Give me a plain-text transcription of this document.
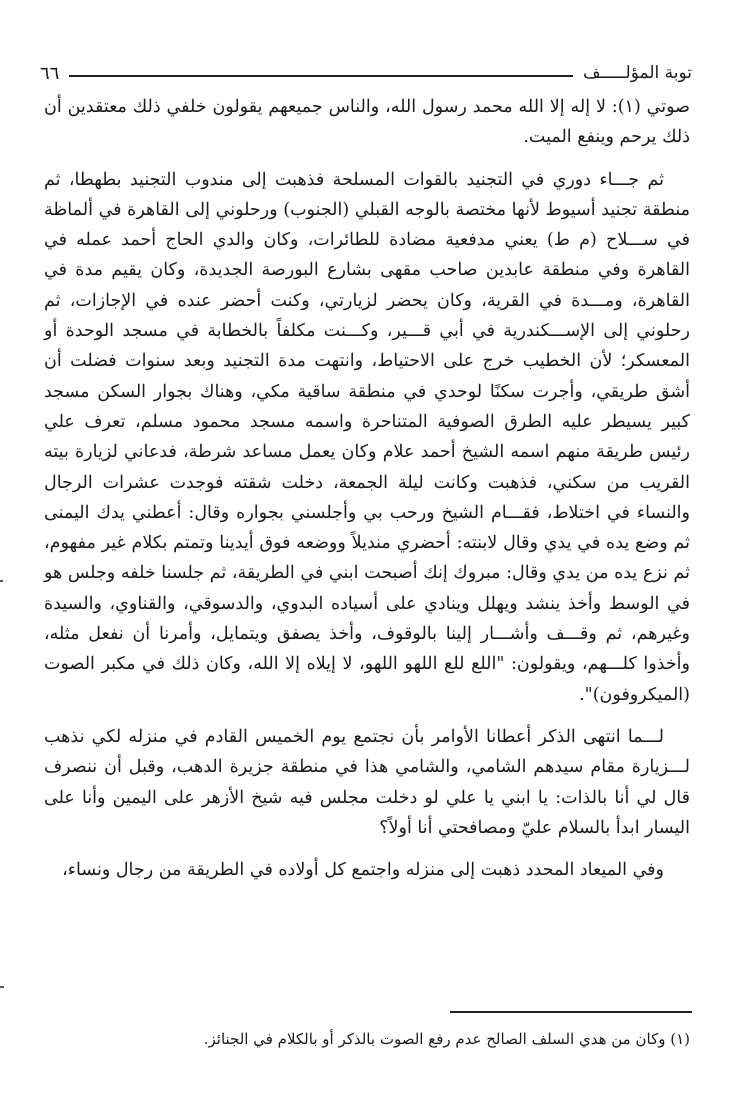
توبة المؤلـــــف
٦٦

صوتي (١): لا إله إلا الله محمد رسول الله، والناس جميعهم يقولون خلفي ذلك معتقدين أن ذلك يرحم وينفع الميت.

ثم جـــاء دوري في التجنيد بالقوات المسلحة فذهبت إلى مندوب التجنيد بطهطا، ثم منطقة تجنيد أسيوط لأنها مختصة بالوجه القبلي (الجنوب) ورحلوني إلى القاهرة في ألماظة في ســـلاح (م ط) يعني مدفعية مضادة للطائرات، وكان والدي الحاج أحمد عمله في القاهرة وفي منطقة عابدين صاحب مقهى بشارع البورصة الجديدة، وكان يقيم مدة في القاهرة، ومـــدة في القرية، وكان يحضر لزيارتي، وكنت أحضر عنده في الإجازات، ثم رحلوني إلى الإســـكندرية في أبي قـــير، وكـــنت مكلفاً بالخطابة في مسجد الوحدة أو المعسكر؛ لأن الخطيب خرج على الاحتياط، وانتهت مدة التجنيد وبعد سنوات فضلت أن أشق طريقي، وأجرت سكنًا لوحدي في منطقة ساقية مكي، وهناك بجوار السكن مسجد كبير يسيطر عليه الطرق الصوفية المتناحرة واسمه مسجد محمود مسلم، تعرف علي رئيس طريقة منهم اسمه الشيخ أحمد علام وكان يعمل مساعد شرطة، فدعاني لزيارة بيته القريب من سكني، فذهبت وكانت ليلة الجمعة، دخلت شقته فوجدت عشرات الرجال والنساء في اختلاط، فقـــام الشيخ ورحب بي وأجلسني بجواره وقال: أعطني يدك اليمنى ثم وضع يده في يدي وقال لابنته: أحضري منديلاً ووضعه فوق أيدينا وتمتم بكلام غير مفهوم، ثم نزع يده من يدي وقال: مبروك إنك أصبحت ابني في الطريقة، ثم جلسنا خلفه وجلس هو في الوسط وأخذ ينشد ويهلل وينادي على أسياده البدوي، والدسوقي، والقناوي، والسيدة وغيرهم، ثم وقـــف وأشـــار إلينا بالوقوف، وأخذ يصفق ويتمايل، وأمرنا أن نفعل مثله، وأخذوا كلـــهم، ويقولون: "اللع للع اللهو اللهو، لا إيلاه إلا الله، وكان ذلك في مكبر الصوت (الميكروفون)".

لـــما انتهى الذكر أعطانا الأوامر بأن نجتمع يوم الخميس القادم في منزله لكي نذهب لـــزيارة مقام سيدهم الشامي، والشامي هذا في منطقة جزيرة الدهب، وقبل أن ننصرف قال لي أنا بالذات: يا ابني يا علي لو دخلت مجلس فيه شيخ الأزهر على اليمين وأنا على اليسار ابدأ بالسلام عليّ ومصافحتي أنا أولاً؟

وفي الميعاد المحدد ذهبت إلى منزله واجتمع كل أولاده في الطريقة من رجال ونساء،

(١) وكان من هدي السلف الصالح عدم رفع الصوت بالذكر أو بالكلام في الجنائز.
